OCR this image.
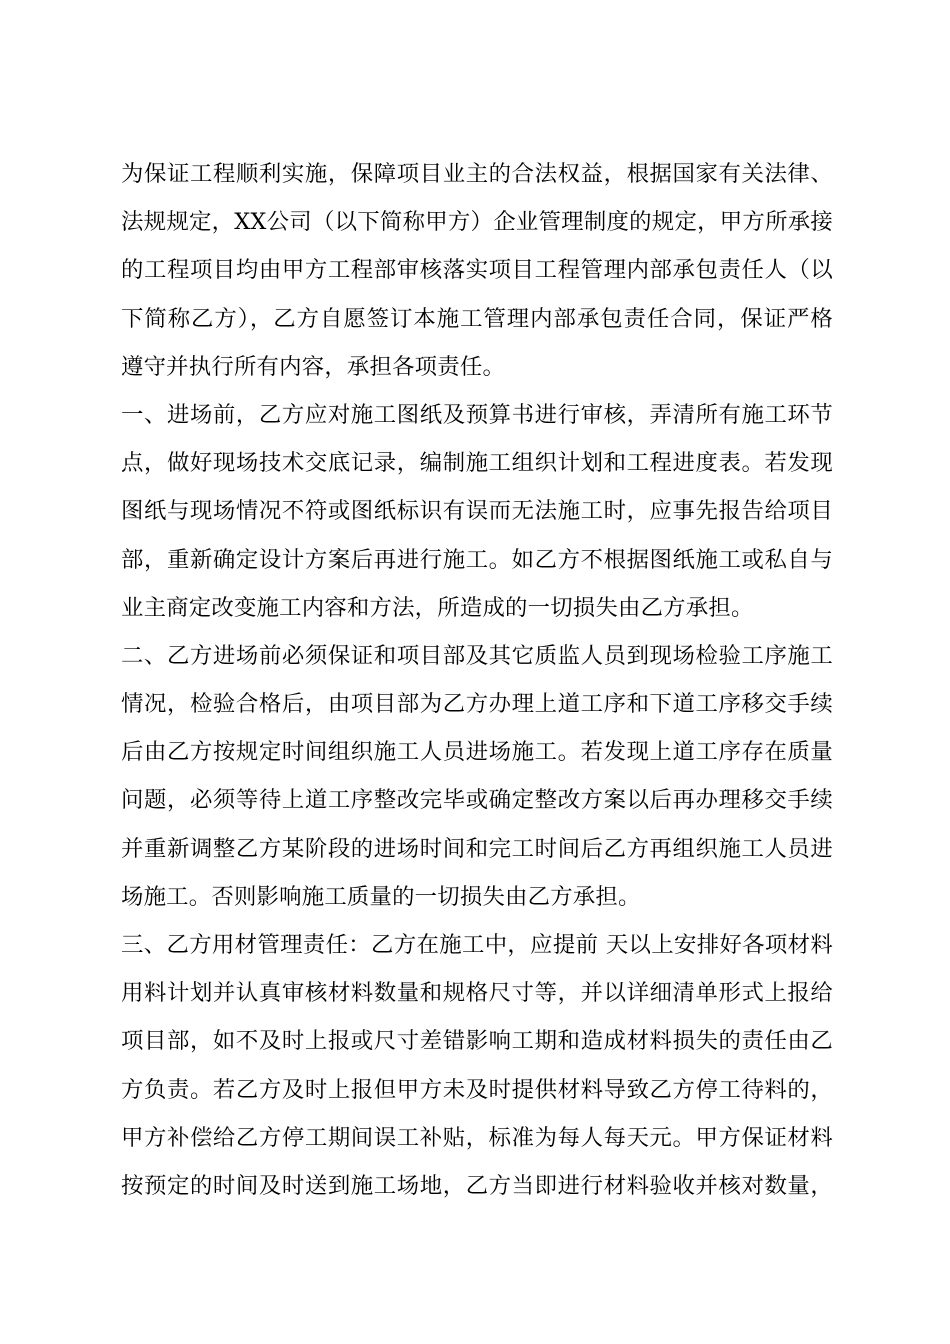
为保证工程顺利实施，保障项目业主的合法权益，根据国家有关法律、
法规规定，XX公司（以下简称甲方）企业管理制度的规定，甲方所承接
的工程项目均由甲方工程部审核落实项目工程管理内部承包责任人（以
下简称乙方），乙方自愿签订本施工管理内部承包责任合同，保证严格
遵守并执行所有内容，承担各项责任。
一、进场前，乙方应对施工图纸及预算书进行审核，弄清所有施工环节
点，做好现场技术交底记录，编制施工组织计划和工程进度表。若发现
图纸与现场情况不符或图纸标识有误而无法施工时，应事先报告给项目
部，重新确定设计方案后再进行施工。如乙方不根据图纸施工或私自与
业主商定改变施工内容和方法，所造成的一切损失由乙方承担。
二、乙方进场前必须保证和项目部及其它质监人员到现场检验工序施工
情况，检验合格后，由项目部为乙方办理上道工序和下道工序移交手续
后由乙方按规定时间组织施工人员进场施工。若发现上道工序存在质量
问题，必须等待上道工序整改完毕或确定整改方案以后再办理移交手续
并重新调整乙方某阶段的进场时间和完工时间后乙方再组织施工人员进
场施工。否则影响施工质量的一切损失由乙方承担。
三、乙方用材管理责任：乙方在施工中，应提前 天以上安排好各项材料
用料计划并认真审核材料数量和规格尺寸等，并以详细清单形式上报给
项目部，如不及时上报或尺寸差错影响工期和造成材料损失的责任由乙
方负责。若乙方及时上报但甲方未及时提供材料导致乙方停工待料的，
甲方补偿给乙方停工期间误工补贴，标准为每人每天元。甲方保证材料
按预定的时间及时送到施工场地，乙方当即进行材料验收并核对数量，
